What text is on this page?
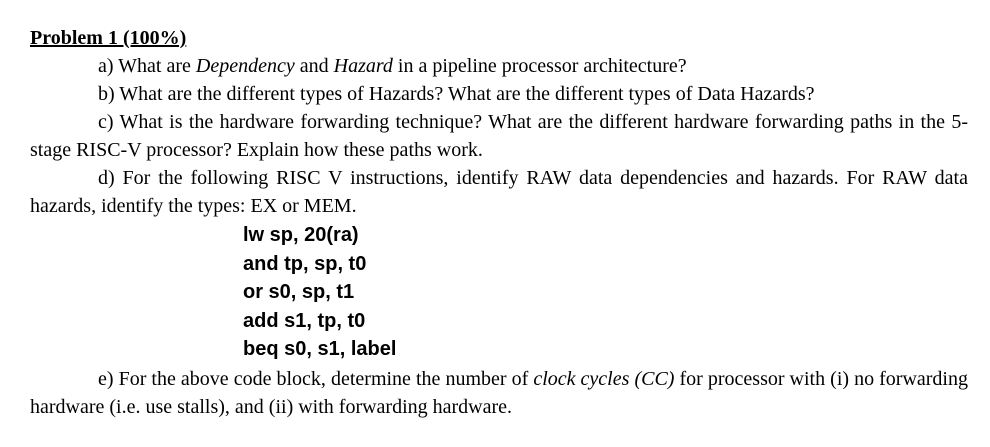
Problem 1 (100%)

a) What are Dependency and Hazard in a pipeline processor architecture?

b) What are the different types of Hazards? What are the different types of Data Hazards?

c) What is the hardware forwarding technique? What are the different hardware forwarding paths in the 5-stage RISC-V processor? Explain how these paths work.

d) For the following RISC V instructions, identify RAW data dependencies and hazards. For RAW data hazards, identify the types: EX or MEM.

lw sp, 20(ra)
and tp, sp, t0
or s0, sp, t1
add s1, tp, t0
beq s0, s1, label

e) For the above code block, determine the number of clock cycles (CC) for processor with (i) no forwarding hardware (i.e. use stalls), and (ii) with forwarding hardware.
